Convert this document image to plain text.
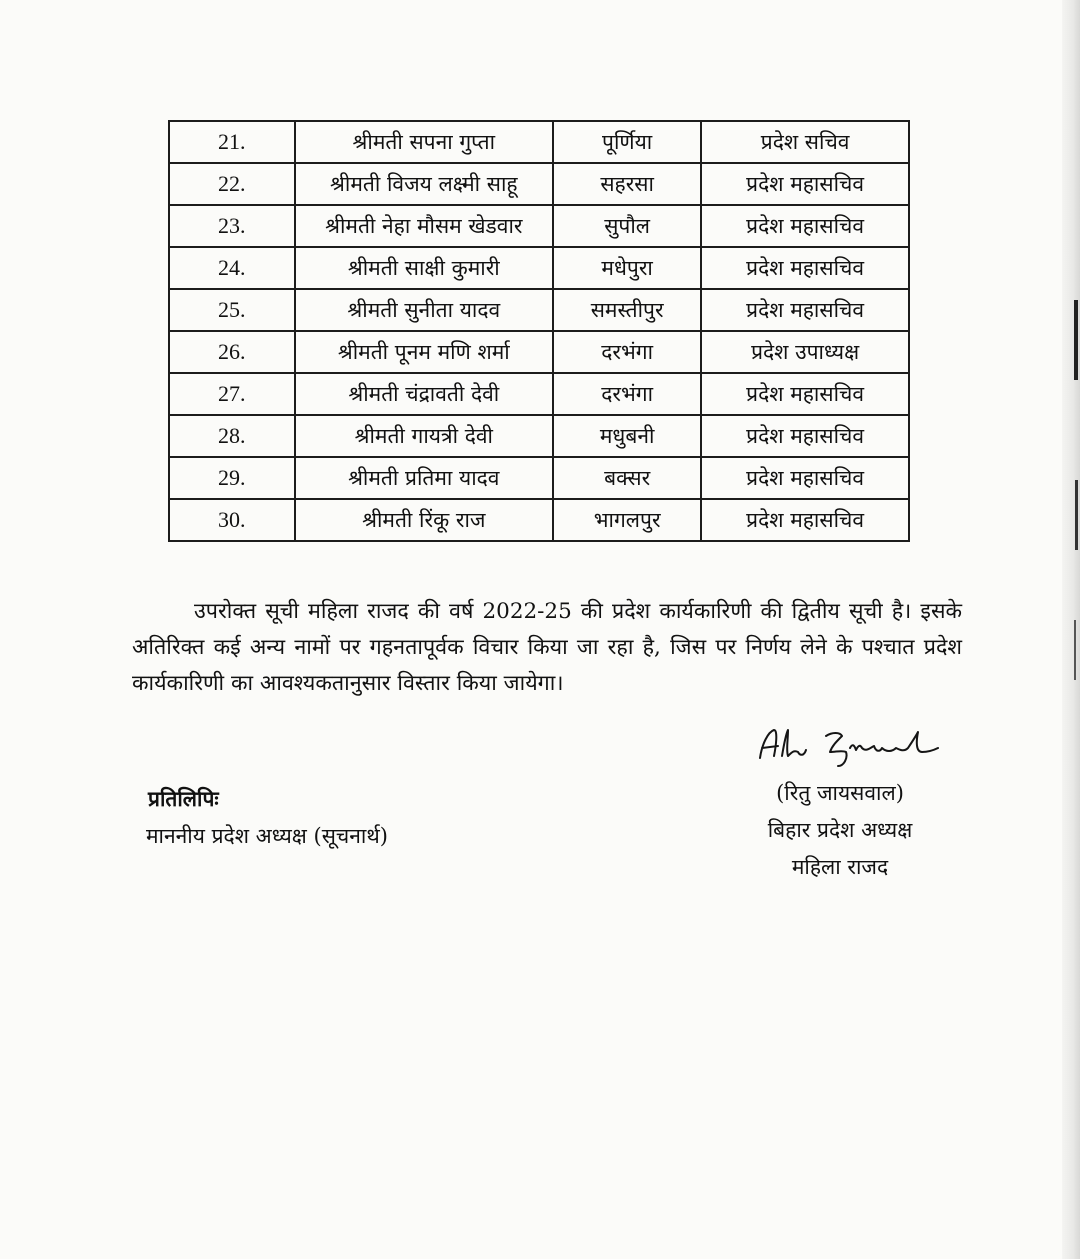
21.	श्रीमती सपना गुप्ता	पूर्णिया	प्रदेश सचिव
22.	श्रीमती विजय लक्ष्मी साहू	सहरसा	प्रदेश महासचिव
23.	श्रीमती नेहा मौसम खेडवार	सुपौल	प्रदेश महासचिव
24.	श्रीमती साक्षी कुमारी	मधेपुरा	प्रदेश महासचिव
25.	श्रीमती सुनीता यादव	समस्तीपुर	प्रदेश महासचिव
26.	श्रीमती पूनम मणि शर्मा	दरभंगा	प्रदेश उपाध्यक्ष
27.	श्रीमती चंद्रावती देवी	दरभंगा	प्रदेश महासचिव
28.	श्रीमती गायत्री देवी	मधुबनी	प्रदेश महासचिव
29.	श्रीमती प्रतिमा यादव	बक्सर	प्रदेश महासचिव
30.	श्रीमती रिंकू राज	भागलपुर	प्रदेश महासचिव

उपरोक्त सूची महिला राजद की वर्ष 2022-25 की प्रदेश कार्यकारिणी की द्वितीय सूची है। इसके अतिरिक्त कई अन्य नामों पर गहनतापूर्वक विचार किया जा रहा है, जिस पर निर्णय लेने के पश्चात प्रदेश कार्यकारिणी का आवश्यकतानुसार विस्तार किया जायेगा।

प्रतिलिपिः
माननीय प्रदेश अध्यक्ष (सूचनार्थ)
(रितु जायसवाल)
बिहार प्रदेश अध्यक्ष
महिला राजद
